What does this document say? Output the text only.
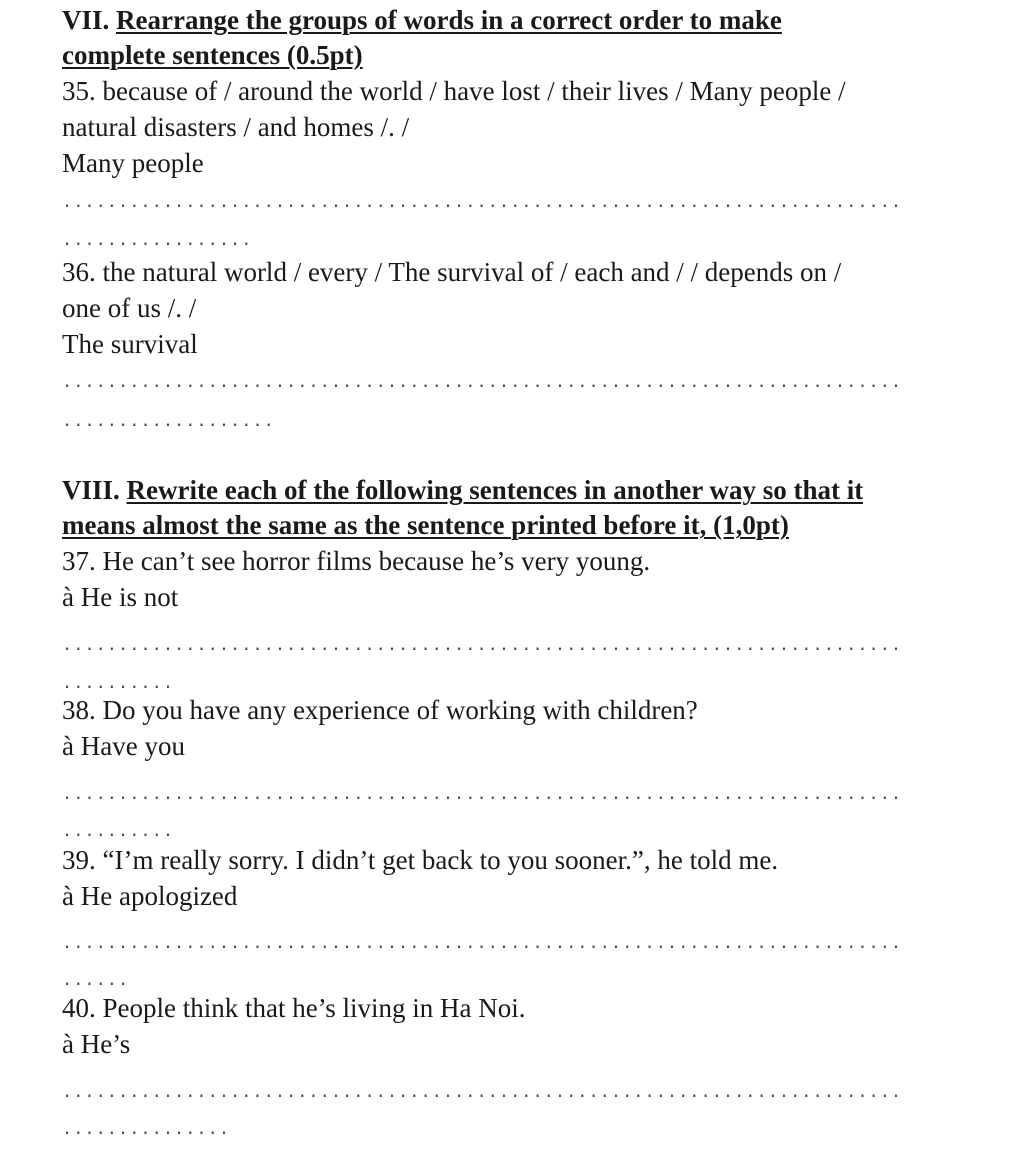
VII. Rearrange the groups of words in a correct order to make
complete sentences (0.5pt)
35. because of / around the world / have lost / their lives / Many people /
natural disasters / and homes /. /
Many people
...........................................................................
.................
36. the natural world / every / The survival of / each and / / depends on /
one of us /. /
The survival
...........................................................................
...................
VIII. Rewrite each of the following sentences in another way so that it
means almost the same as the sentence printed before it, (1,0pt)
37. He can’t see horror films because he’s very young.
à He is not
...........................................................................
..........
38. Do you have any experience of working with children?
à Have you
...........................................................................
..........
39. “I’m really sorry. I didn’t get back to you sooner.”, he told me.
à He apologized
...........................................................................
......
40. People think that he’s living in Ha Noi.
à He’s
...........................................................................
...............
